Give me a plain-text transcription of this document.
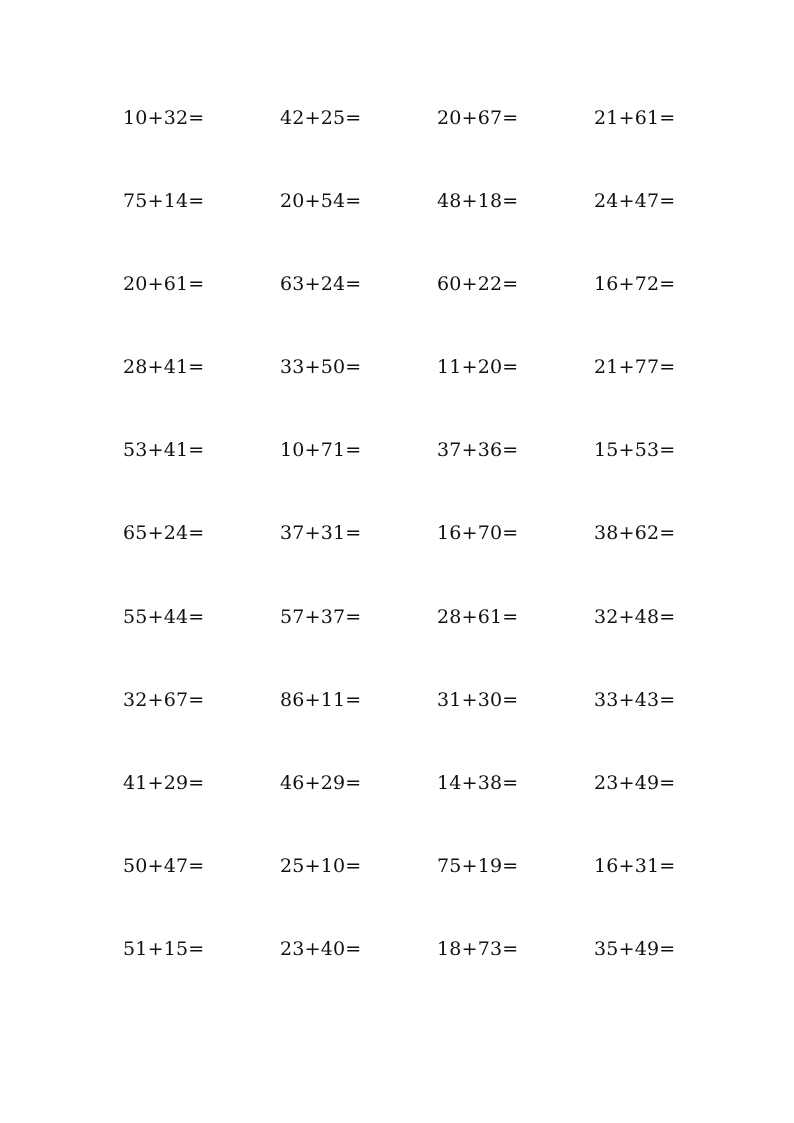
10+32=	42+25=	20+67=	21+61=
75+14=	20+54=	48+18=	24+47=
20+61=	63+24=	60+22=	16+72=
28+41=	33+50=	11+20=	21+77=
53+41=	10+71=	37+36=	15+53=
65+24=	37+31=	16+70=	38+62=
55+44=	57+37=	28+61=	32+48=
32+67=	86+11=	31+30=	33+43=
41+29=	46+29=	14+38=	23+49=
50+47=	25+10=	75+19=	16+31=
51+15=	23+40=	18+73=	35+49=
